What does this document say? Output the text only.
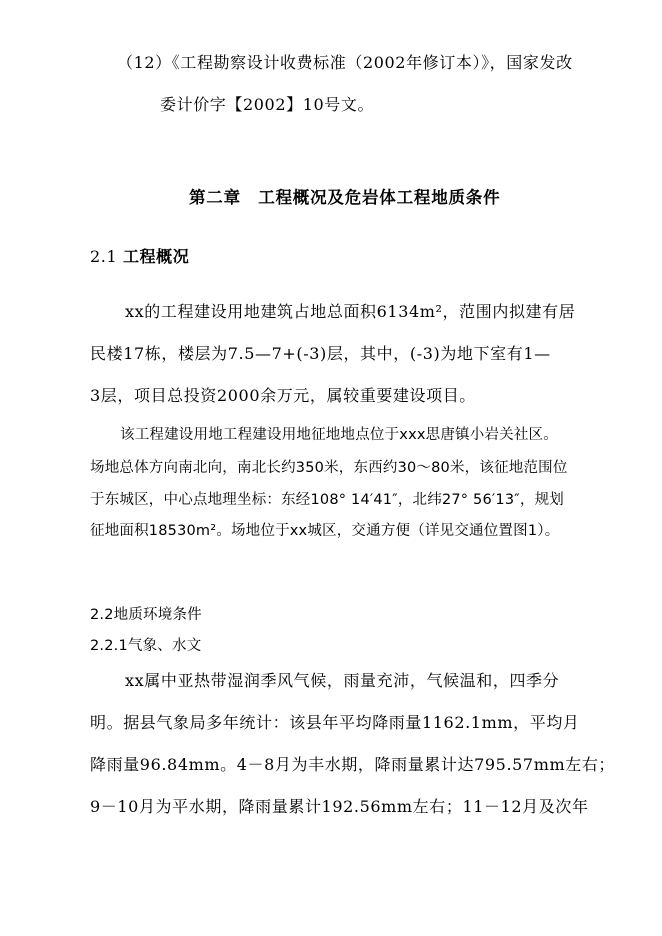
（12）《工程勘察设计收费标准（2002年修订本）》，国家发改
委计价字【2002】10号文。
第二章　工程概况及危岩体工程地质条件
2.1 工程概况
xx的工程建设用地建筑占地总面积6134m²，范围内拟建有居
民楼17栋，楼层为7.5—7+(-3)层，其中，(-3)为地下室有1—
3层，项目总投资2000余万元，属较重要建设项目。
该工程建设用地工程建设用地征地地点位于xxx思唐镇小岩关社区。
场地总体方向南北向，南北长约350米，东西约30～80米，该征地范围位
于东城区，中心点地理坐标：东经108° 14′41″，北纬27° 56′13″，规划
征地面积18530m²。场地位于xx城区，交通方便（详见交通位置图1）。
2.2地质环境条件
2.2.1气象、水文
xx属中亚热带湿润季风气候，雨量充沛，气候温和，四季分
明。据县气象局多年统计：该县年平均降雨量1162.1mm，平均月
降雨量96.84mm。4－8月为丰水期，降雨量累计达795.57mm左右；
9－10月为平水期，降雨量累计192.56mm左右；11－12月及次年
